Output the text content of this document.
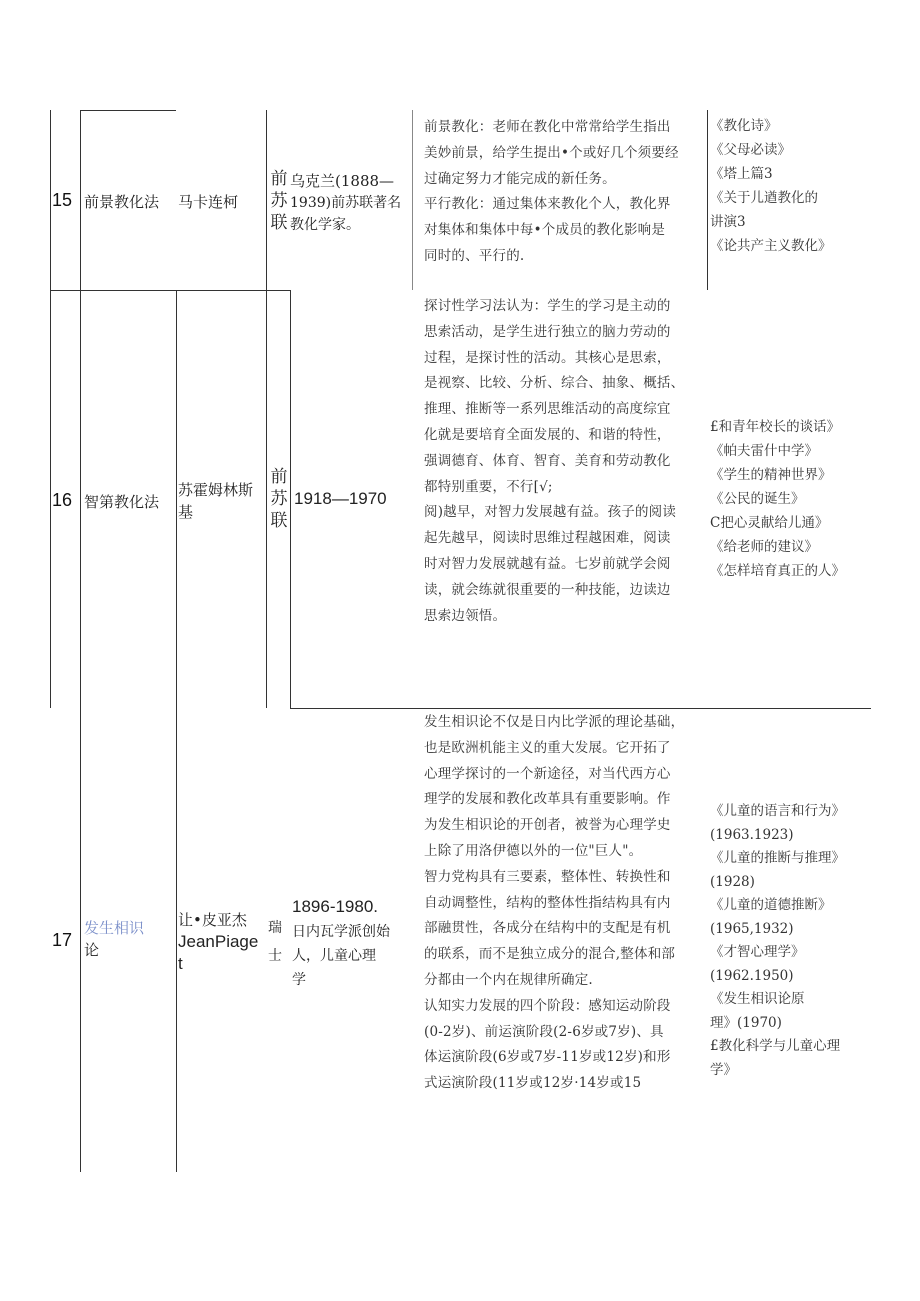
15 前景教化法 马卡连柯
前
苏
联
乌克兰(1888—
1939)前苏联著名
教化学家。
前景教化：老师在教化中常常给学生指出
美妙前景，给学生提出•个或好几个须要经
过确定努力才能完成的新任务。
平行教化：通过集体来教化个人，教化界
对集体和集体中每•个成员的教化影响是
同时的、平行的.
《教化诗》
《父母必读》
《塔上篇3
《关于儿遒教化的
讲演3
《论共产主义教化》
16 智第教化法
苏霍姆林斯
基
前
苏
联
1918—1970
探讨性学习法认为：学生的学习是主动的
思索活动，是学生进行独立的脑力劳动的
过程，是探讨性的活动。其核心是思索，
是视察、比较、分析、综合、抽象、概括、
推理、推断等一系列思维活动的高度综宜
化就是要培育全面发展的、和谐的特性，
强调德育、体育、智育、美育和劳动教化
都特别重要，不行[√;
阅)越早，对智力发展越有益。孩子的阅读
起先越早，阅读时思维过程越困难，阅读
时对智力发展就越有益。七岁前就学会阅
读，就会练就很重要的一种技能，边读边
思索边领悟。
£和青年校长的谈话》
《帕夫雷什中学》
《学生的精神世界》
《公民的诞生》
C把心灵献给儿通》
《给老师的建议》
《怎样培育真正的人》
17
发生相识
论
让•皮亚杰
JeanPiage
t
瑞
士
1896-1980.
日内瓦学派创始
人，儿童心理
学
发生相识论不仅是日内比学派的理论基础，
也是欧洲机能主义的重大发展。它开拓了
心理学探讨的一个新途径，对当代西方心
理学的发展和教化改革具有重要影响。作
为发生相识论的开创者，被誉为心理学史
上除了用洛伊德以外的一位"巨人"。
智力党构具有三要素，整体性、转换性和
自动调整性，结构的整体性指结构具有内
部融贯性，各成分在结构中的支配是有机
的联系，而不是独立成分的混合,整体和部
分都由一个内在规律所确定.
认知实力发展的四个阶段：感知运动阶段
(0-2岁)、前运演阶段(2-6岁或7岁)、具
体运演阶段(6岁或7岁-11岁或12岁)和形
式运演阶段(11岁或12岁·14岁或15
《儿童的语言和行为》
(1963.1923)
《儿童的推断与推理》
(1928)
《儿童的道德推断》
(1965,1932)
《才智心理学》
(1962.1950)
《发生相识论原
理》(1970)
£教化科学与儿童心理
学》
